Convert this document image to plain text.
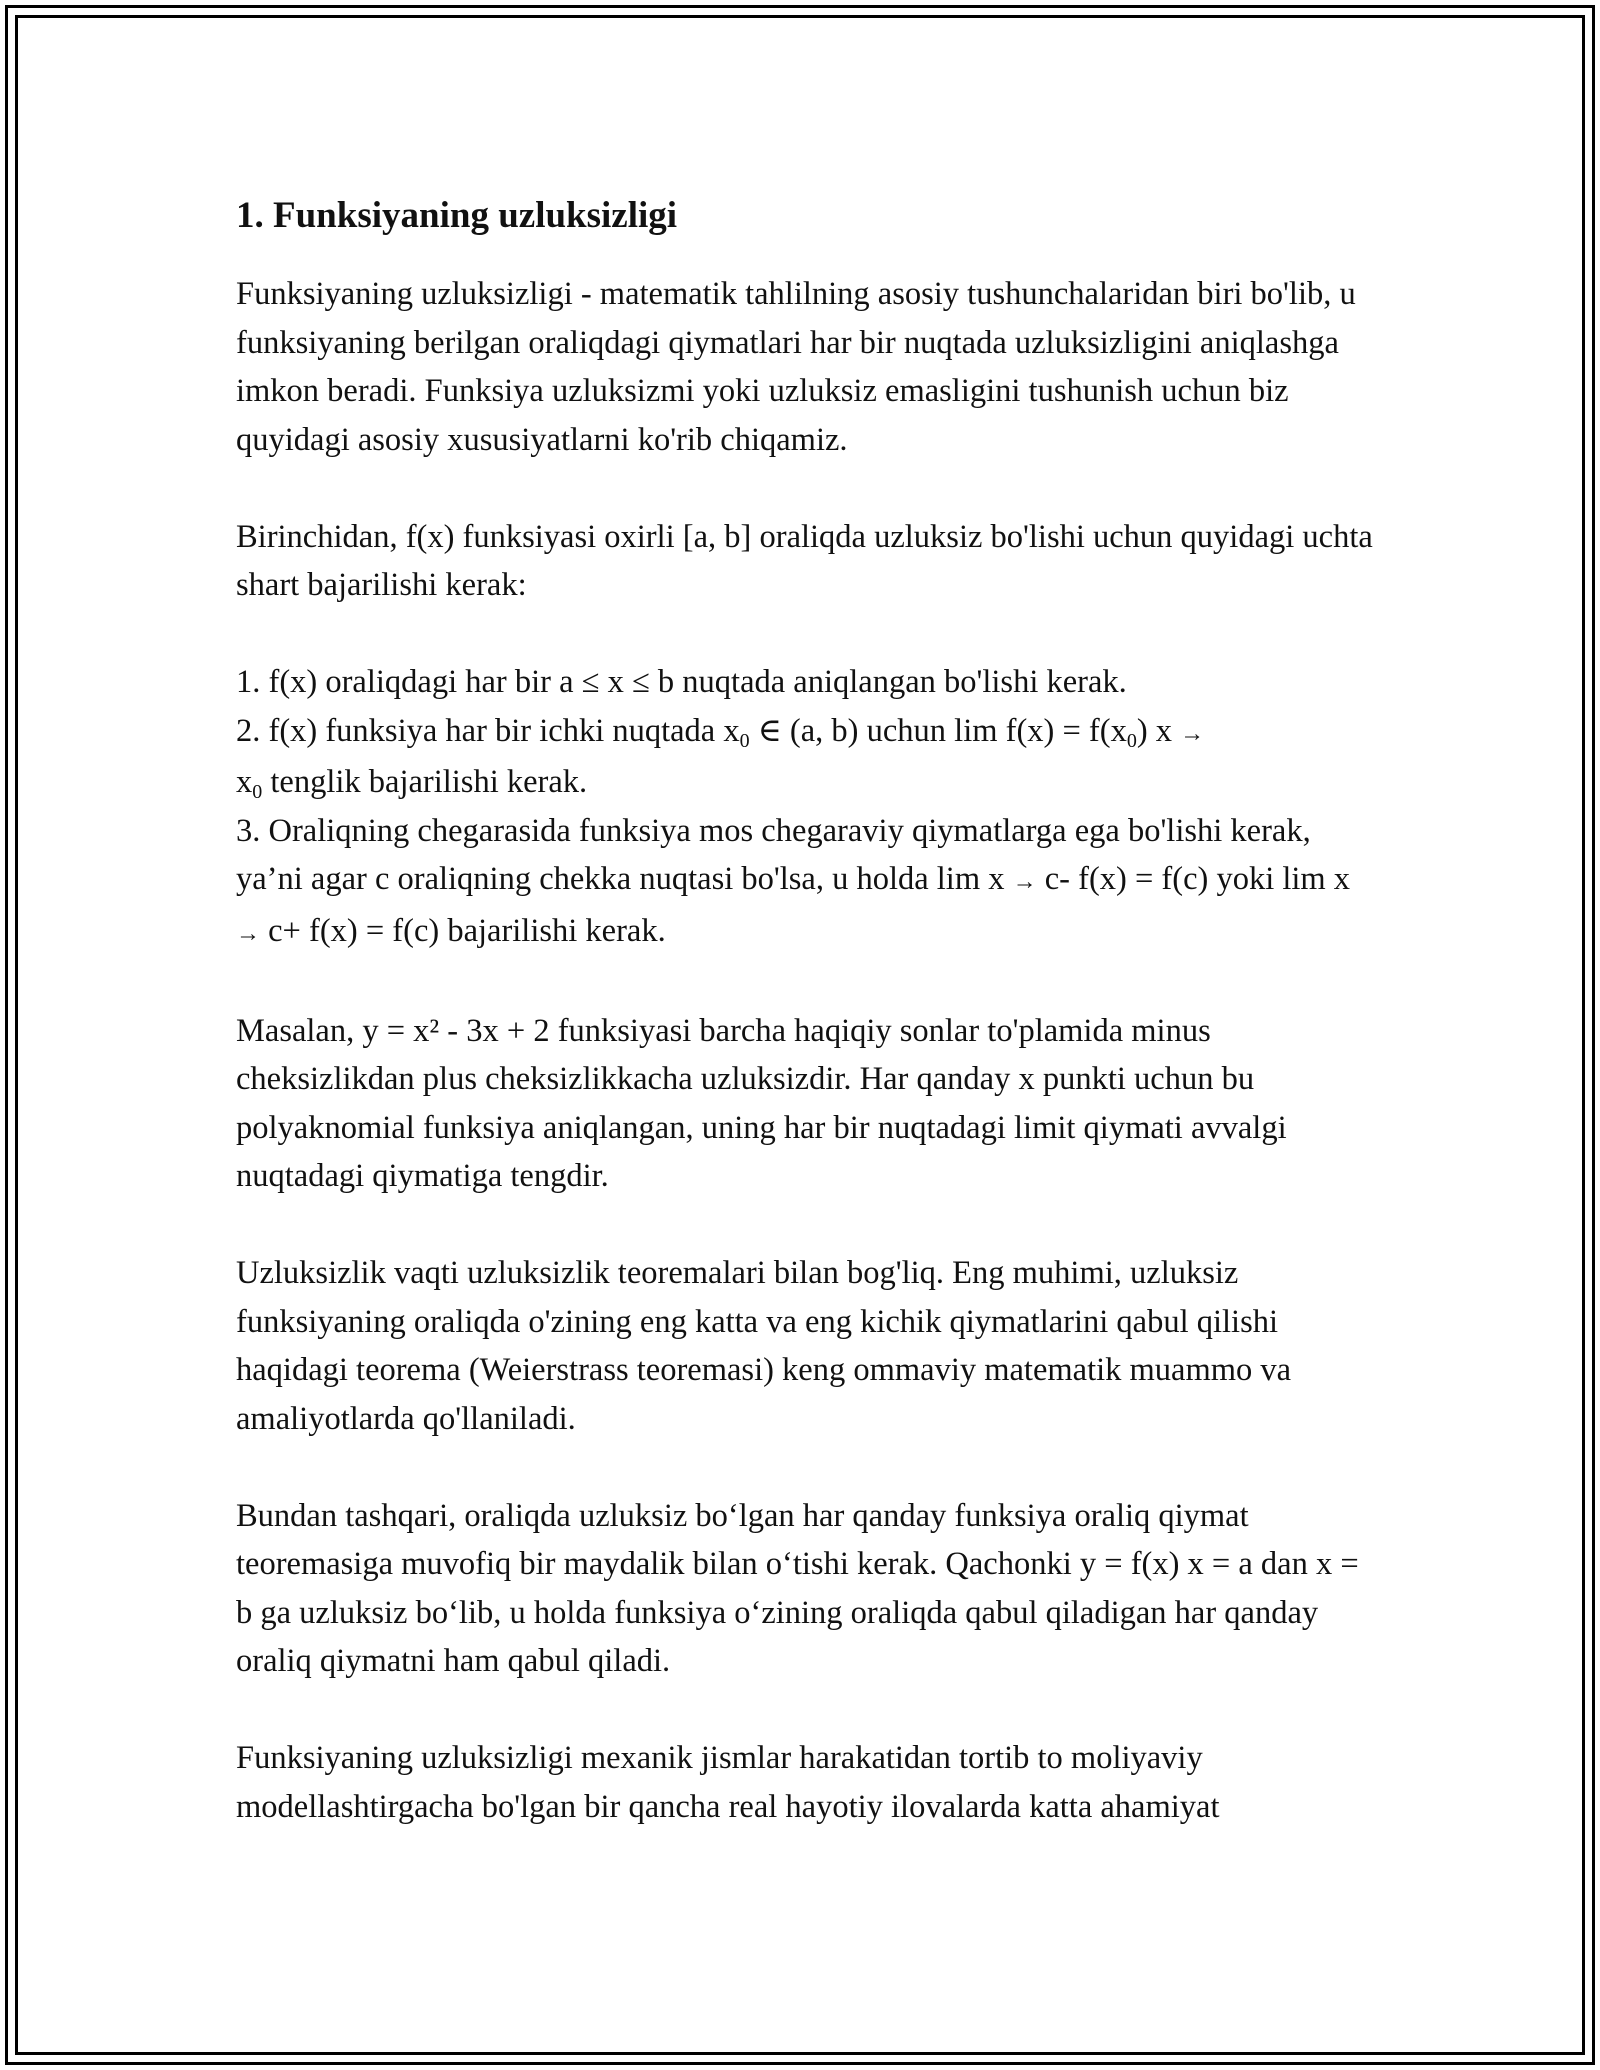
1. Funksiyaning uzluksizligi

Funksiyaning uzluksizligi - matematik tahlilning asosiy tushunchalaridan biri bo'lib, u funksiyaning berilgan oraliqdagi qiymatlari har bir nuqtada uzluksizligini aniqlashga imkon beradi. Funksiya uzluksizmi yoki uzluksiz emasligini tushunish uchun biz quyidagi asosiy xususiyatlarni ko'rib chiqamiz.

Birinchidan, f(x) funksiyasi oxirli [a, b] oraliqda uzluksiz bo'lishi uchun quyidagi uchta shart bajarilishi kerak:

1. f(x) oraliqdagi har bir a ≤ x ≤ b nuqtada aniqlangan bo'lishi kerak.
2. f(x) funksiya har bir ichki nuqtada $x_0$ ∈ (a, b) uchun $\lim f(x) = f(x_0) x$ →
$x_0$ tenglik bajarilishi kerak.
3. Oraliqning chegarasida funksiya mos chegaraviy qiymatlarga ega bo'lishi kerak, ya’ni agar c oraliqning chekka nuqtasi bo'lsa, u holda lim x → c- f(x) = f(c) yoki lim x → c+ f(x) = f(c) bajarilishi kerak.

Masalan, y = x² - 3x + 2 funksiyasi barcha haqiqiy sonlar to'plamida minus cheksizlikdan plus cheksizlikkacha uzluksizdir. Har qanday x punkti uchun bu polyaknomial funksiya aniqlangan, uning har bir nuqtadagi limit qiymati avvalgi nuqtadagi qiymatiga tengdir.

Uzluksizlik vaqti uzluksizlik teoremalari bilan bog'liq. Eng muhimi, uzluksiz funksiyaning oraliqda o'zining eng katta va eng kichik qiymatlarini qabul qilishi haqidagi teorema (Weierstrass teoremasi) keng ommaviy matematik muammo va amaliyotlarda qo'llaniladi.

Bundan tashqari, oraliqda uzluksiz boʻlgan har qanday funksiya oraliq qiymat teoremasiga muvofiq bir maydalik bilan oʻtishi kerak. Qachonki y = f(x) x = a dan x = b ga uzluksiz boʻlib, u holda funksiya oʻzining oraliqda qabul qiladigan har qanday oraliq qiymatni ham qabul qiladi.

Funksiyaning uzluksizligi mexanik jismlar harakatidan tortib to moliyaviy modellashtirgacha bo'lgan bir qancha real hayotiy ilovalarda katta ahamiyat
